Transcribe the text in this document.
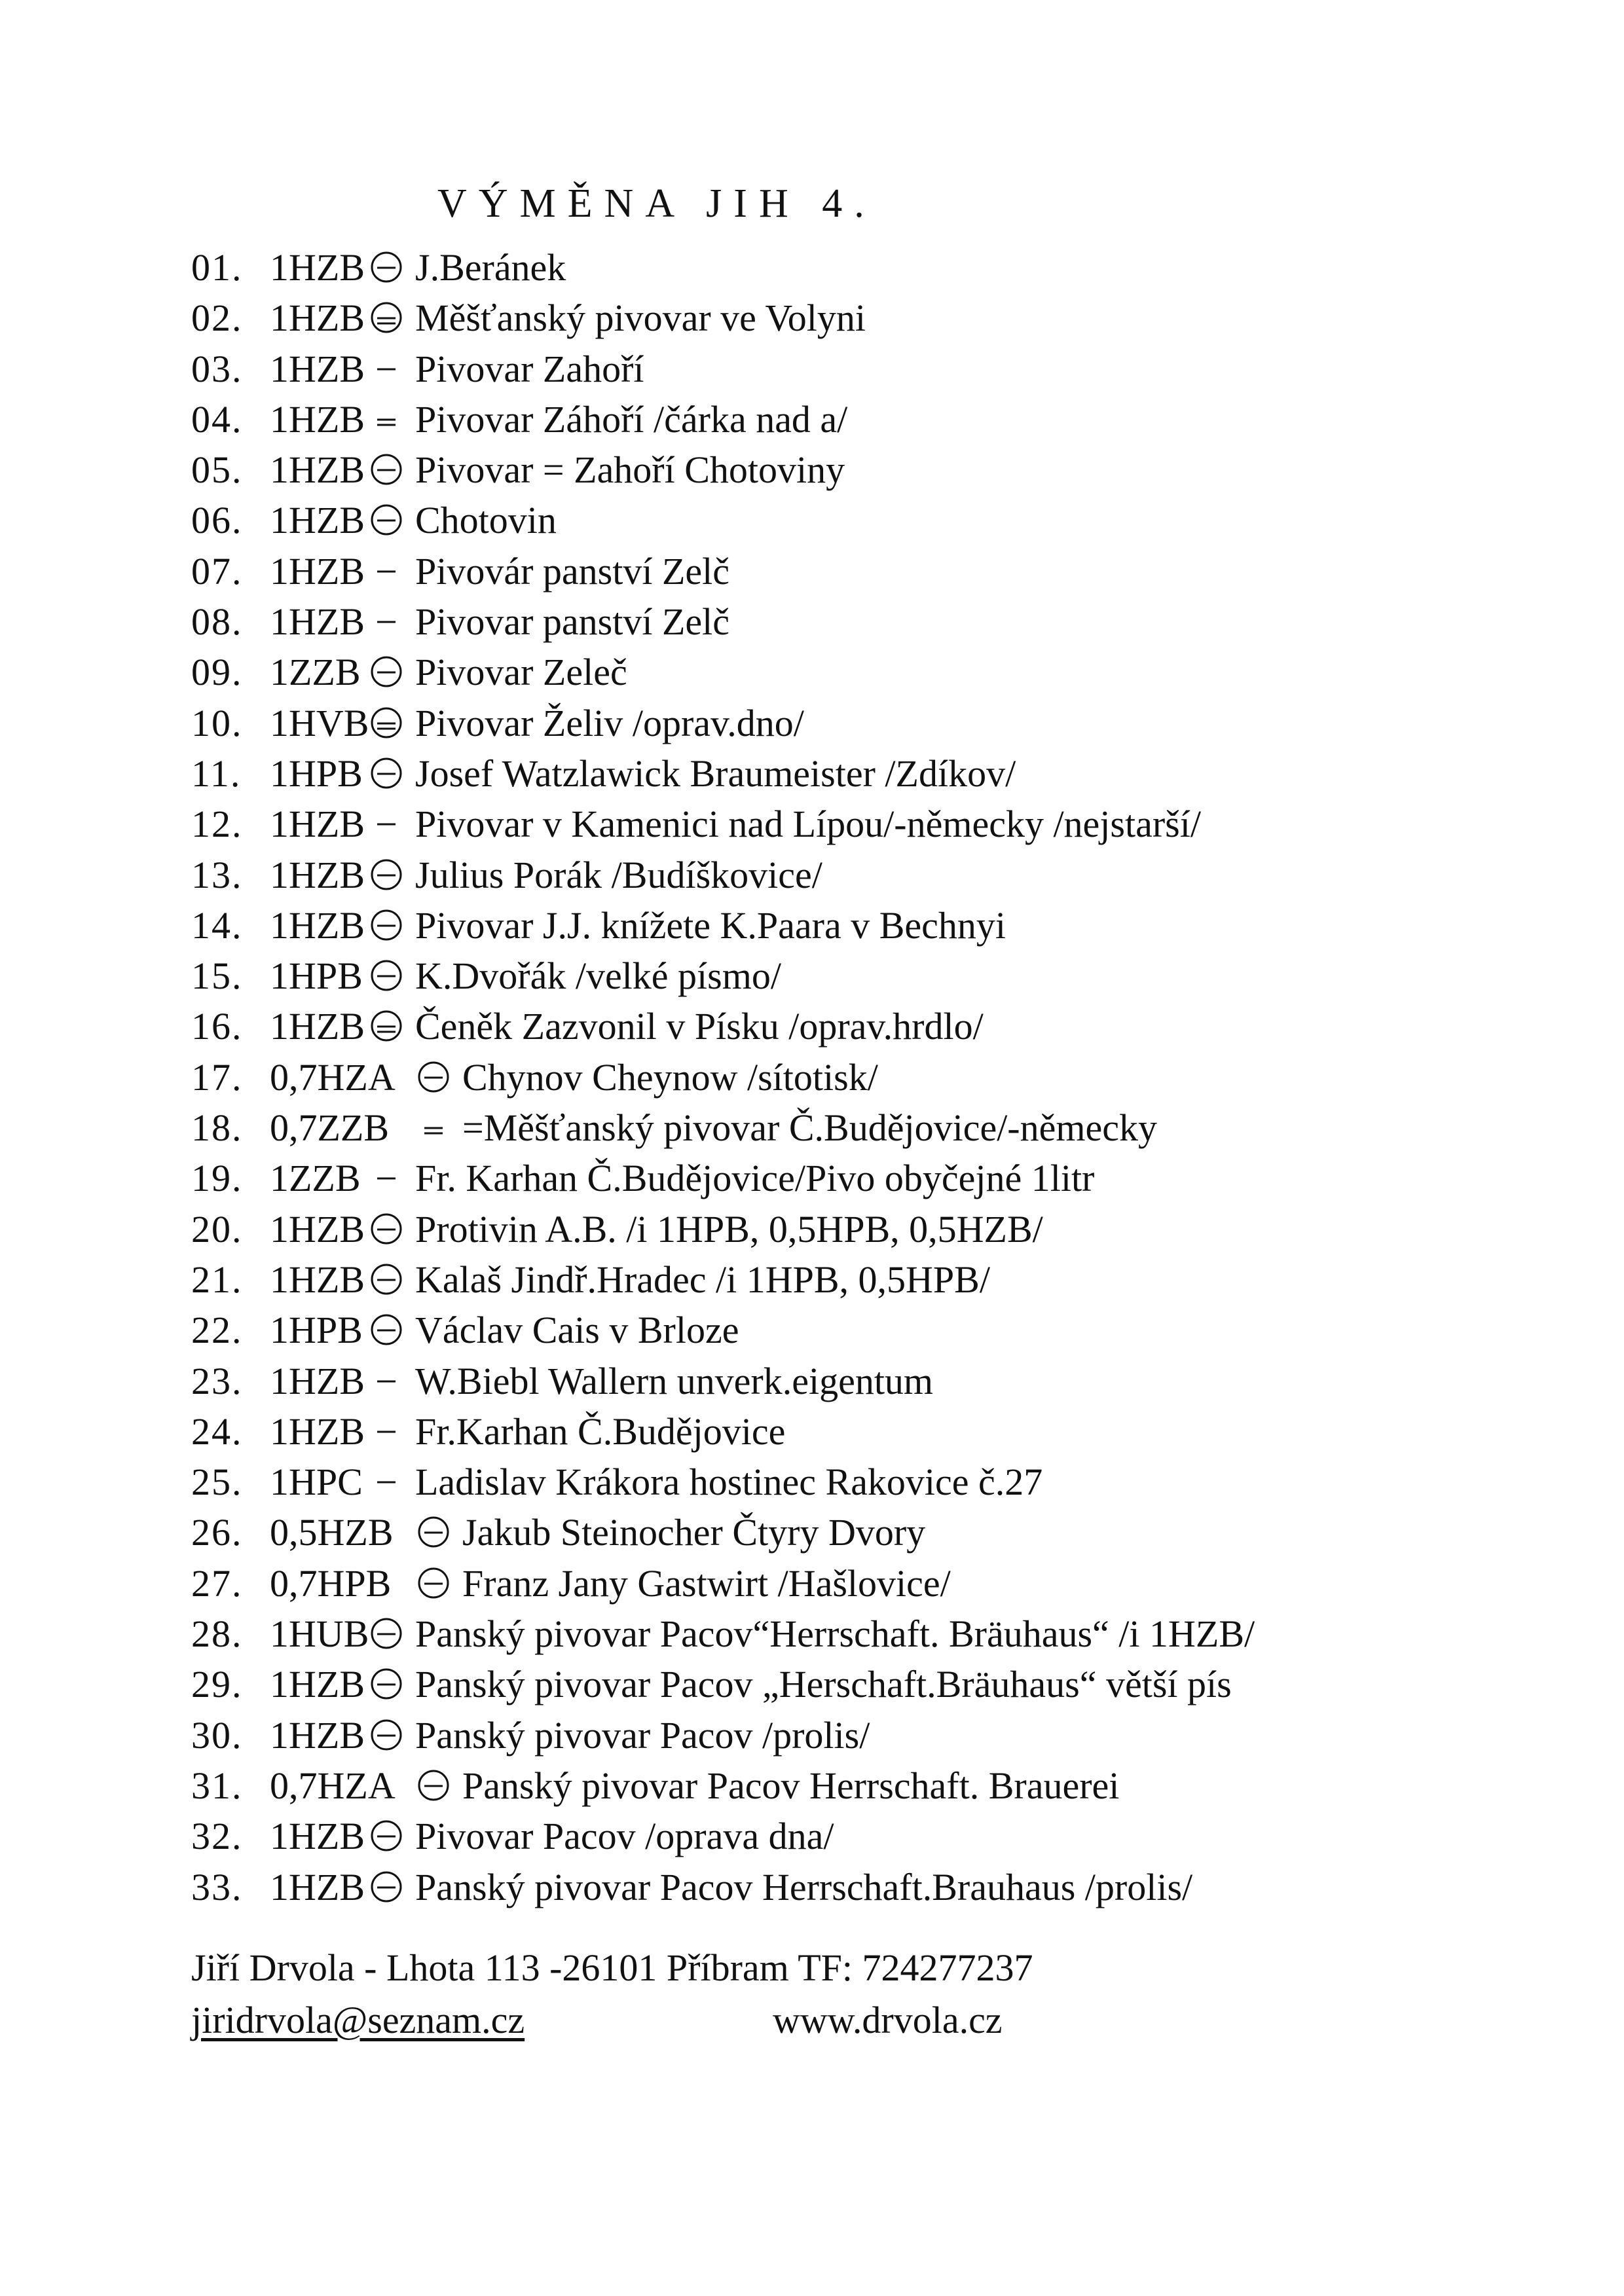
VÝMĚNA JIH 4.
01. 1HZB J.Beránek
02. 1HZB Měšťanský pivovar ve Volyni
03. 1HZB Pivovar Zahoří
04. 1HZB Pivovar Záhoří /čárka nad a/
05. 1HZB Pivovar = Zahoří Chotoviny
06. 1HZB Chotovin
07. 1HZB Pivovár panství Zelč
08. 1HZB Pivovar panství Zelč
09. 1ZZB Pivovar Zeleč
10. 1HVB Pivovar Želiv /oprav.dno/
11. 1HPB Josef Watzlawick Braumeister /Zdíkov/
12. 1HZB Pivovar v Kamenici nad Lípou/-německy /nejstarší/
13. 1HZB Julius Porák /Budíškovice/
14. 1HZB Pivovar J.J. knížete K.Paara v Bechnyi
15. 1HPB K.Dvořák /velké písmo/
16. 1HZB Čeněk Zazvonil v Písku /oprav.hrdlo/
17. 0,7HZA Chynov Cheynow /sítotisk/
18. 0,7ZZB =Měšťanský pivovar Č.Budějovice/-německy
19. 1ZZB Fr. Karhan Č.Budějovice/Pivo obyčejné 1litr
20. 1HZB Protivin A.B. /i 1HPB, 0,5HPB, 0,5HZB/
21. 1HZB Kalaš Jindř.Hradec /i 1HPB, 0,5HPB/
22. 1HPB Václav Cais v Brloze
23. 1HZB W.Biebl Wallern unverk.eigentum
24. 1HZB Fr.Karhan Č.Budějovice
25. 1HPC Ladislav Krákora hostinec Rakovice č.27
26. 0,5HZB Jakub Steinocher Čtyry Dvory
27. 0,7HPB Franz Jany Gastwirt /Hašlovice/
28. 1HUB Panský pivovar Pacov“Herrschaft. Bräuhaus“ /i 1HZB/
29. 1HZB Panský pivovar Pacov „Herschaft.Bräuhaus“ větší pís
30. 1HZB Panský pivovar Pacov /prolis/
31. 0,7HZA Panský pivovar Pacov Herrschaft. Brauerei
32. 1HZB Pivovar Pacov /oprava dna/
33. 1HZB Panský pivovar Pacov Herrschaft.Brauhaus /prolis/
Jiří Drvola - Lhota 113 -26101 Příbram TF: 724277237
jiridrvola@seznam.cz	www.drvola.cz
